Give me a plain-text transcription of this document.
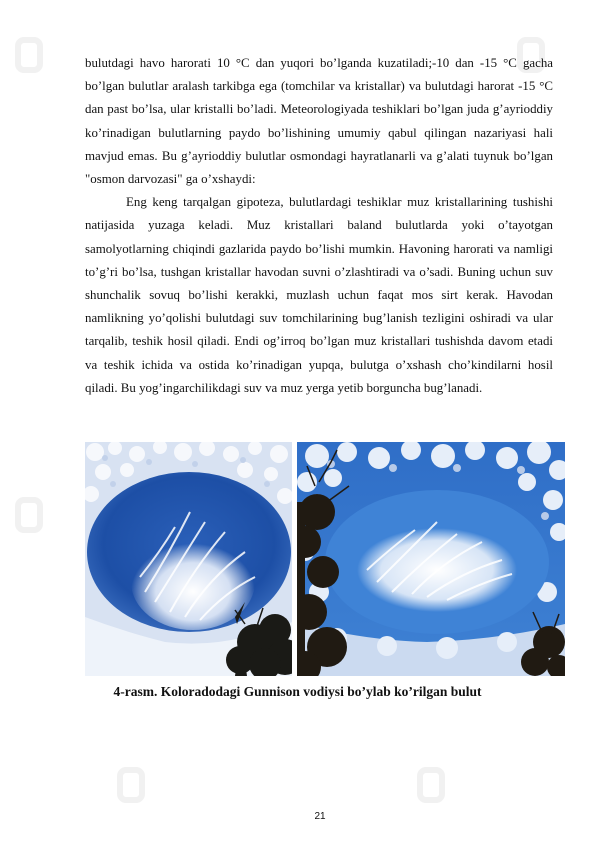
bulutdagi havo harorati 10 °C dan yuqori bo’lganda kuzatiladi;-10 dan -15 °C gacha bo’lgan bulutlar aralash tarkibga ega (tomchilar va kristallar) va bulutdagi harorat -15 °C dan past bo’lsa, ular kristalli bo’ladi. Meteorologiyada teshiklari bo’lgan juda g’ayrioddiy ko’rinadigan bulutlarning paydo bo’lishining umumiy qabul qilingan nazariyasi hali mavjud emas. Bu g’ayrioddiy bulutlar osmondagi hayratlanarli va g’alati tuynuk bo’lgan "osmon darvozasi" ga o’xshaydi:

Eng keng tarqalgan gipoteza, bulutlardagi teshiklar muz kristallarining tushishi natijasida yuzaga keladi. Muz kristallari baland bulutlarda yoki o’tayotgan samolyotlarning chiqindi gazlarida paydo bo’lishi mumkin. Havoning harorati va namligi to’g’ri bo’lsa, tushgan kristallar havodan suvni o’zlashtiradi va o’sadi. Buning uchun suv shunchalik sovuq bo’lishi kerakki, muzlash uchun faqat mos sirt kerak. Havodan namlikning yo’qolishi bulutdagi suv tomchilarining bug’lanish tezligini oshiradi va ular tarqalib, teshik hosil qiladi. Endi og’irroq bo’lgan muz kristallari tushishda davom etadi va teshik ichida va ostida ko’rinadigan yupqa, bulutga o’xshash cho’kindilarni hosil qiladi. Bu yog’ingarchilikdagi suv va muz yerga yetib borguncha bug’lanadi.

4-rasm. Koloradodagi Gunnison vodiysi bo’ylab ko’rilgan bulut
21
